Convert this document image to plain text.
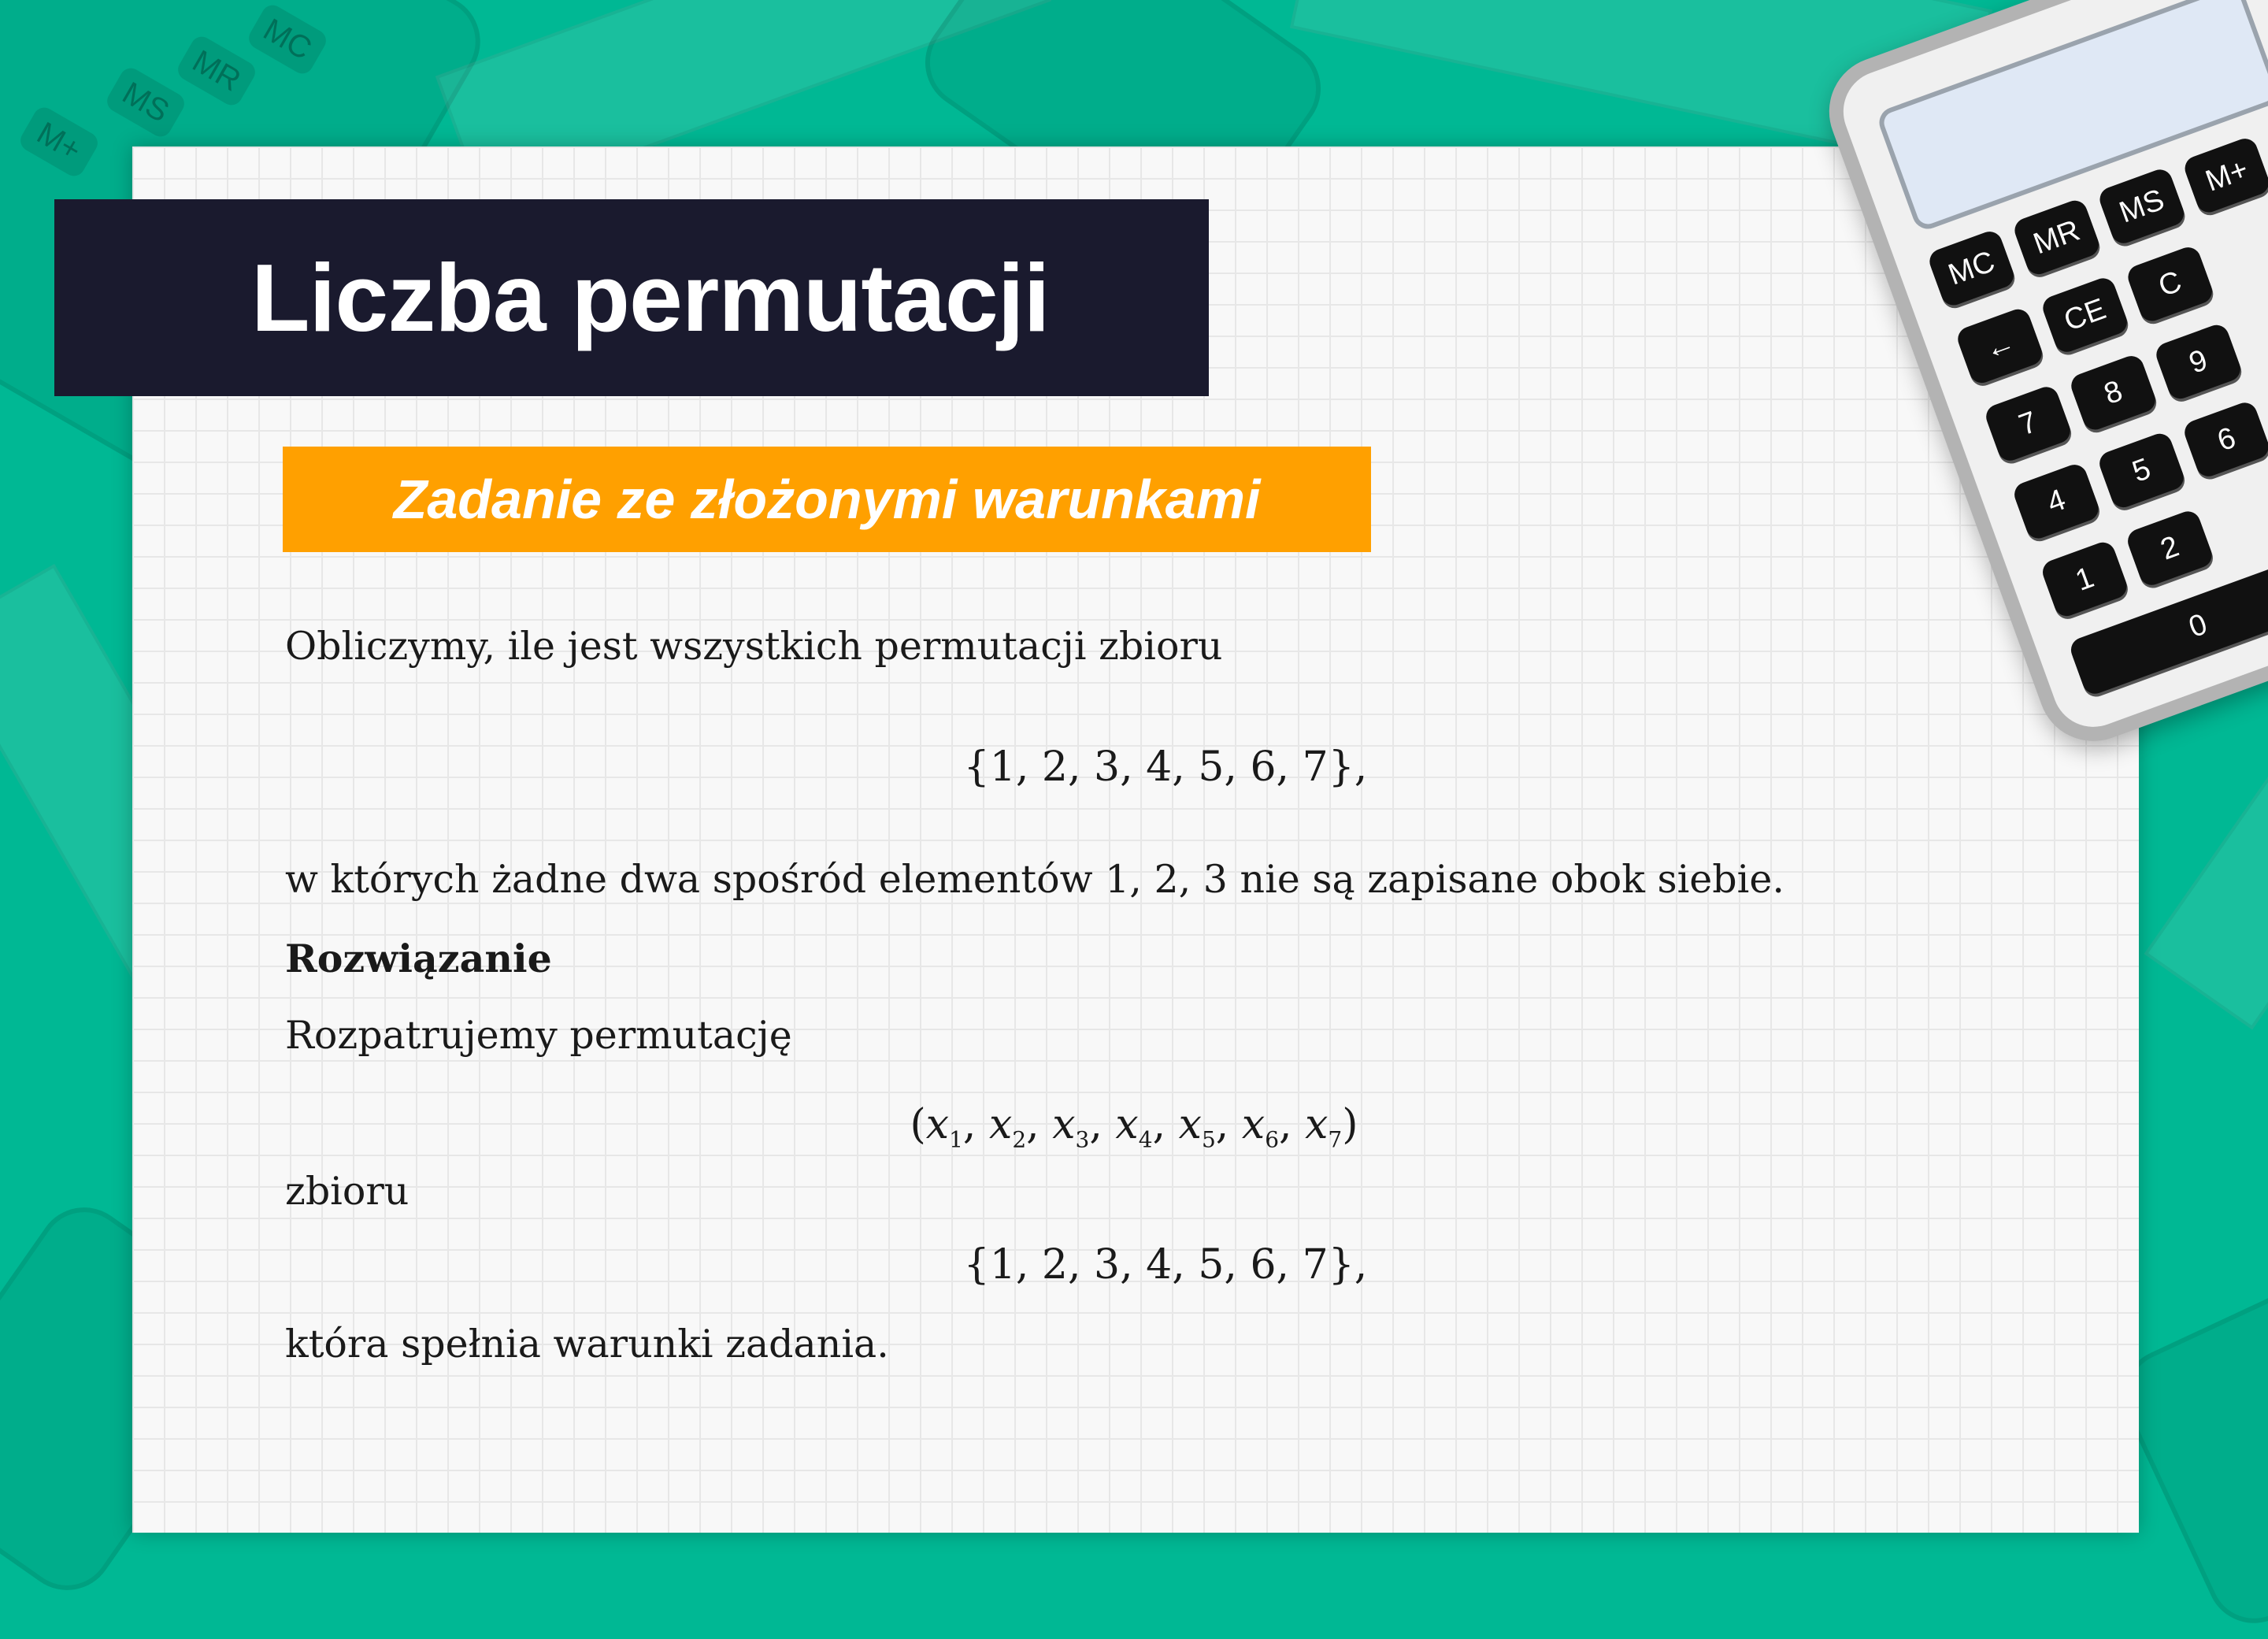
M+
MS
MR
MC
Liczba permutacji
Zadanie ze złożonymi warunkami
Obliczymy, ile jest wszystkich permutacji zbioru
{1, 2, 3, 4, 5, 6, 7},
w których żadne dwa spośród elementów 1, 2, 3 nie są zapisane obok siebie.
Rozwiązanie
Rozpatrujemy permutację
($x_1$, $x_2$, $x_3$, $x_4$, $x_5$, $x_6$, $x_7$)
zbioru
{1, 2, 3, 4, 5, 6, 7},
która spełnia warunki zadania.
MC
MR
MS
M+
←
CE
C
7
8
9
4
5
6
1
2
0
